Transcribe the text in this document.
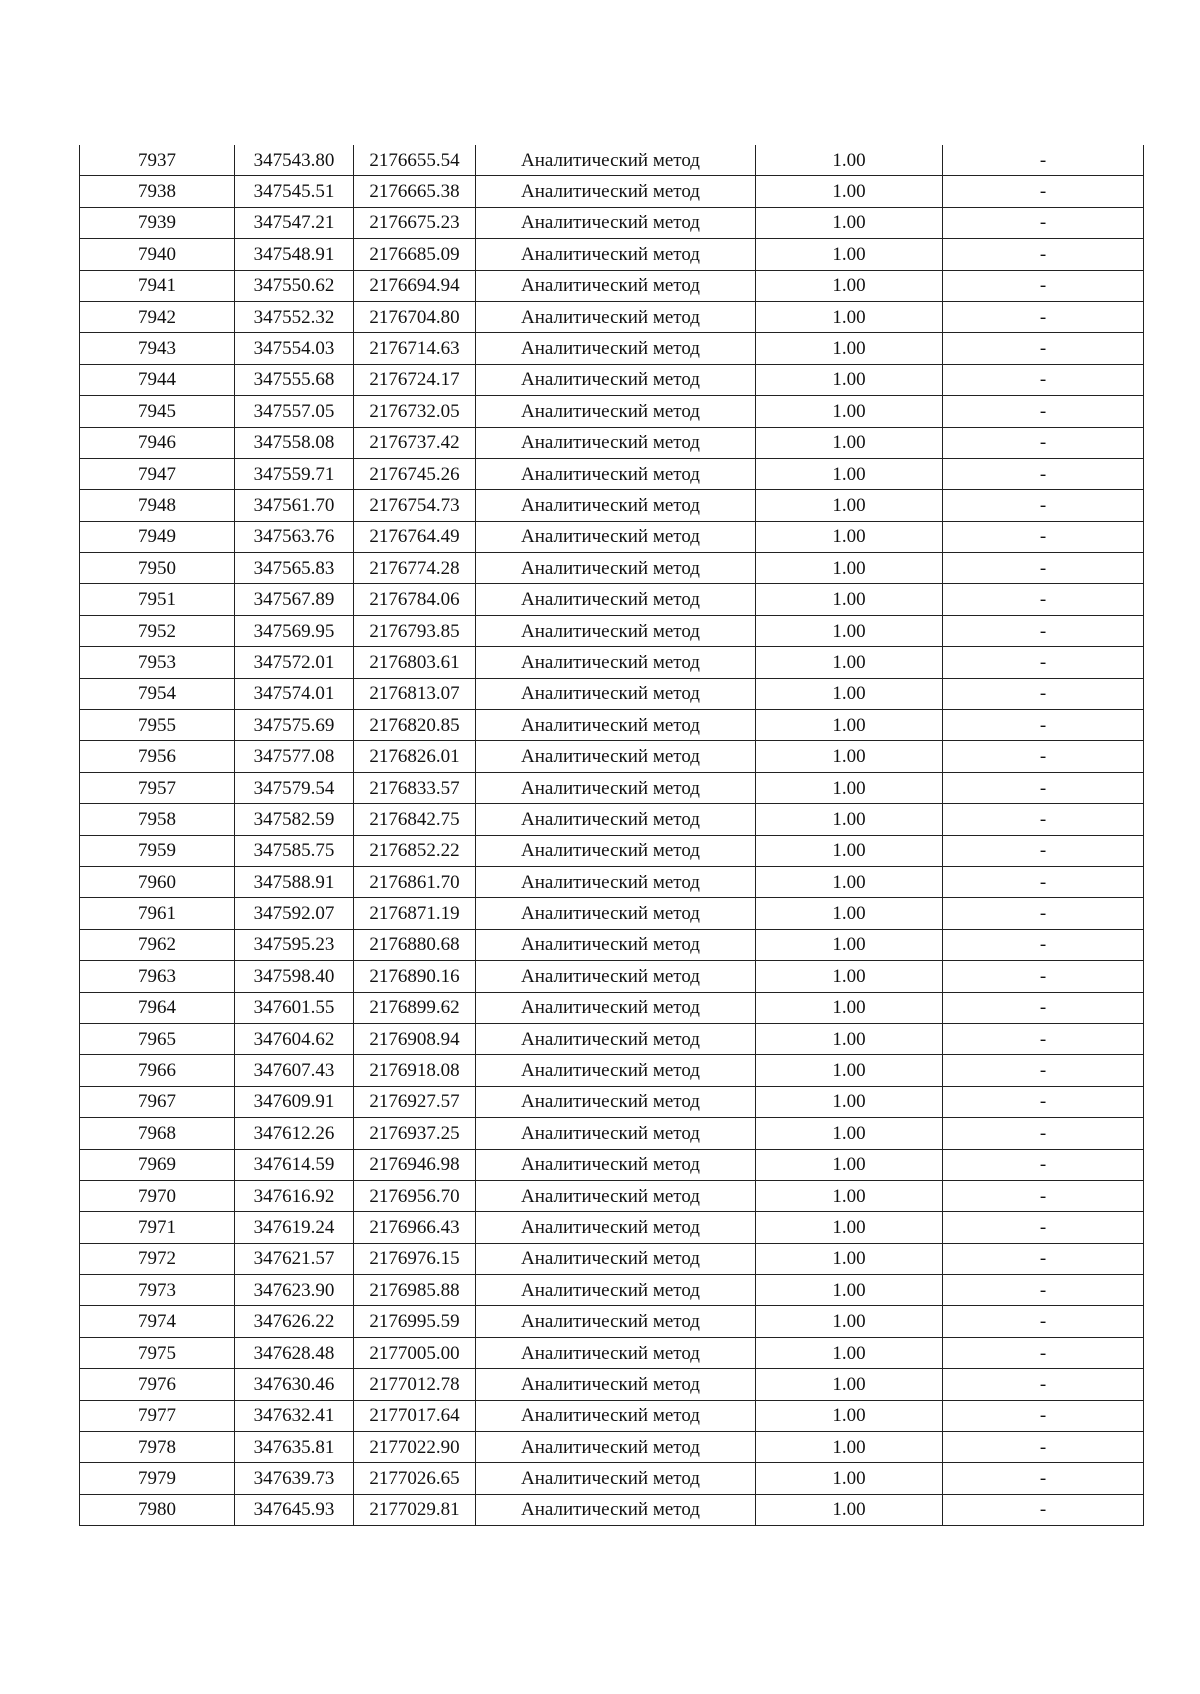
7937	347543.80	2176655.54	Аналитический метод	1.00	-
7938	347545.51	2176665.38	Аналитический метод	1.00	-
7939	347547.21	2176675.23	Аналитический метод	1.00	-
7940	347548.91	2176685.09	Аналитический метод	1.00	-
7941	347550.62	2176694.94	Аналитический метод	1.00	-
7942	347552.32	2176704.80	Аналитический метод	1.00	-
7943	347554.03	2176714.63	Аналитический метод	1.00	-
7944	347555.68	2176724.17	Аналитический метод	1.00	-
7945	347557.05	2176732.05	Аналитический метод	1.00	-
7946	347558.08	2176737.42	Аналитический метод	1.00	-
7947	347559.71	2176745.26	Аналитический метод	1.00	-
7948	347561.70	2176754.73	Аналитический метод	1.00	-
7949	347563.76	2176764.49	Аналитический метод	1.00	-
7950	347565.83	2176774.28	Аналитический метод	1.00	-
7951	347567.89	2176784.06	Аналитический метод	1.00	-
7952	347569.95	2176793.85	Аналитический метод	1.00	-
7953	347572.01	2176803.61	Аналитический метод	1.00	-
7954	347574.01	2176813.07	Аналитический метод	1.00	-
7955	347575.69	2176820.85	Аналитический метод	1.00	-
7956	347577.08	2176826.01	Аналитический метод	1.00	-
7957	347579.54	2176833.57	Аналитический метод	1.00	-
7958	347582.59	2176842.75	Аналитический метод	1.00	-
7959	347585.75	2176852.22	Аналитический метод	1.00	-
7960	347588.91	2176861.70	Аналитический метод	1.00	-
7961	347592.07	2176871.19	Аналитический метод	1.00	-
7962	347595.23	2176880.68	Аналитический метод	1.00	-
7963	347598.40	2176890.16	Аналитический метод	1.00	-
7964	347601.55	2176899.62	Аналитический метод	1.00	-
7965	347604.62	2176908.94	Аналитический метод	1.00	-
7966	347607.43	2176918.08	Аналитический метод	1.00	-
7967	347609.91	2176927.57	Аналитический метод	1.00	-
7968	347612.26	2176937.25	Аналитический метод	1.00	-
7969	347614.59	2176946.98	Аналитический метод	1.00	-
7970	347616.92	2176956.70	Аналитический метод	1.00	-
7971	347619.24	2176966.43	Аналитический метод	1.00	-
7972	347621.57	2176976.15	Аналитический метод	1.00	-
7973	347623.90	2176985.88	Аналитический метод	1.00	-
7974	347626.22	2176995.59	Аналитический метод	1.00	-
7975	347628.48	2177005.00	Аналитический метод	1.00	-
7976	347630.46	2177012.78	Аналитический метод	1.00	-
7977	347632.41	2177017.64	Аналитический метод	1.00	-
7978	347635.81	2177022.90	Аналитический метод	1.00	-
7979	347639.73	2177026.65	Аналитический метод	1.00	-
7980	347645.93	2177029.81	Аналитический метод	1.00	-
